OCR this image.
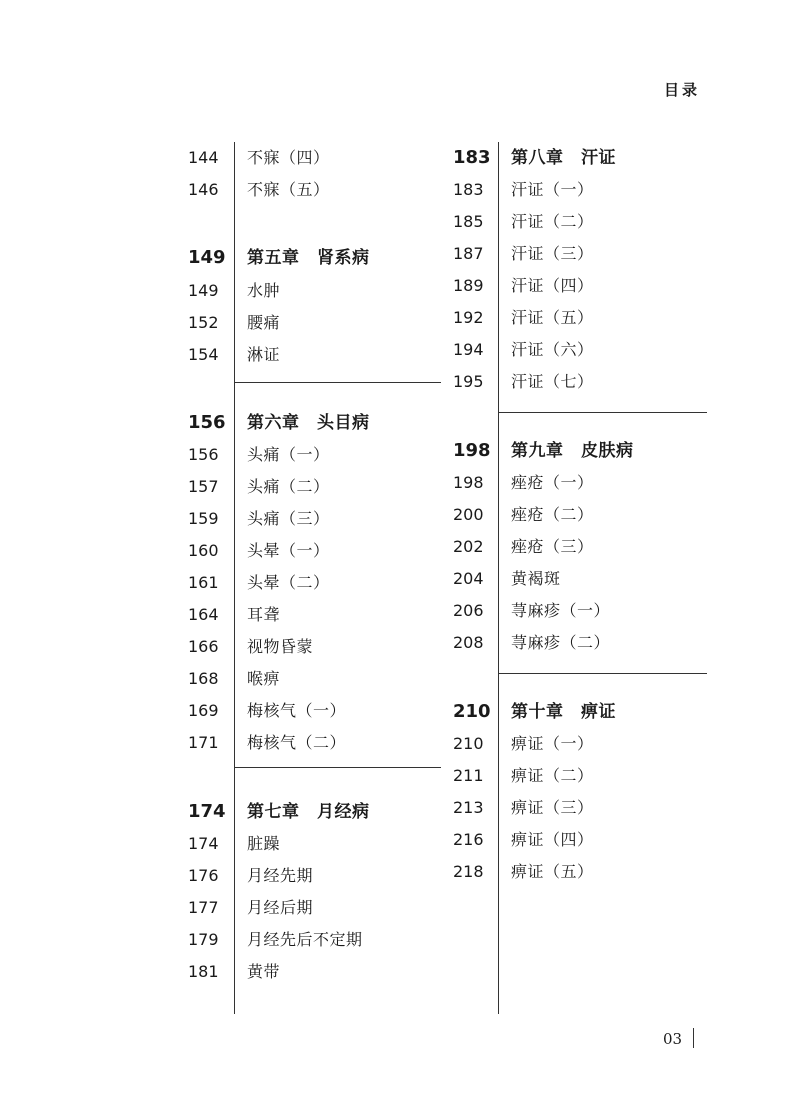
目录
144 不寐（四）
146 不寐（五）
149 第五章　肾系病
149 水肿
152 腰痛
154 淋证
156 第六章　头目病
156 头痛（一）
157 头痛（二）
159 头痛（三）
160 头晕（一）
161 头晕（二）
164 耳聋
166 视物昏蒙
168 喉痹
169 梅核气（一）
171 梅核气（二）
174 第七章　月经病
174 脏躁
176 月经先期
177 月经后期
179 月经先后不定期
181 黄带
183 第八章　汗证
183 汗证（一）
185 汗证（二）
187 汗证（三）
189 汗证（四）
192 汗证（五）
194 汗证（六）
195 汗证（七）
198 第九章　皮肤病
198 痤疮（一）
200 痤疮（二）
202 痤疮（三）
204 黄褐斑
206 荨麻疹（一）
208 荨麻疹（二）
210 第十章　痹证
210 痹证（一）
211 痹证（二）
213 痹证（三）
216 痹证（四）
218 痹证（五）
03
